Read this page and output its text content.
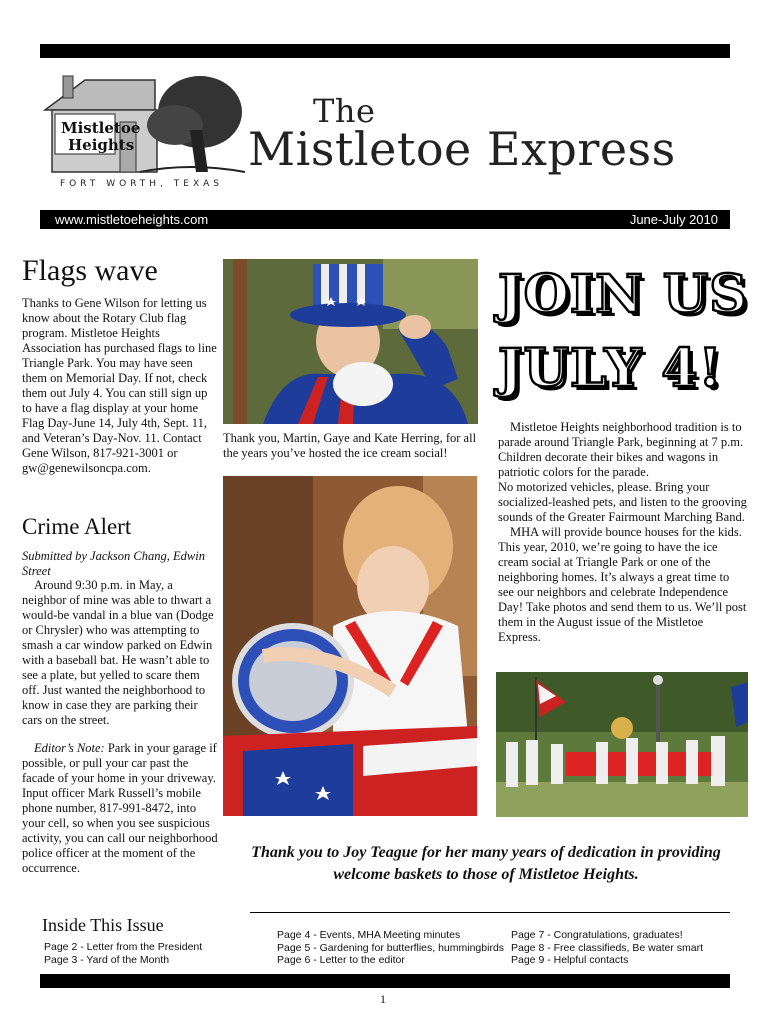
Mistletoe
Heights
FORT WORTH, TEXAS
The
Mistletoe Express
www.mistletoeheights.com	June-July 2010
Flags wave
Thanks to Gene Wilson for letting us know about the Rotary Club flag program. Mistletoe Heights Association has purchased flags to line Triangle Park. You may have seen them on Memorial Day. If not, check them out July 4. You can still sign up to have a flag display at your home Flag Day-June 14, July 4th, Sept. 11, and Veteran’s Day-Nov. 11. Contact Gene Wilson, 817-921-3001 or gw@genewilsoncpa.com.
Crime Alert
Submitted by Jackson Chang, Edwin Street
Around 9:30 p.m. in May, a neighbor of mine was able to thwart a would-be vandal in a blue van (Dodge or Chrysler) who was attempting to smash a car window parked on Edwin with a baseball bat. He wasn’t able to see a plate, but yelled to scare them off. Just wanted the neighborhood to know in case they are parking their cars on the street.
Editor’s Note: Park in your garage if possible, or pull your car past the facade of your home in your driveway. Input officer Mark Russell’s mobile phone number, 817-991-8472, into your cell, so when you see suspicious activity, you can call our neighborhood police officer at the moment of the occurrence.
Thank you, Martin, Gaye and Kate Herring, for all the years you’ve hosted the ice cream social!
JOIN US
JULY 4!

Mistletoe Heights neighborhood tradition is to parade around Triangle Park, beginning at 7 p.m. Children decorate their bikes and wagons in patriotic colors for the parade.

No motorized vehicles, please. Bring your socialized-leashed pets, and listen to the grooving sounds of the Greater Fairmount Marching Band.

MHA will provide bounce houses for the kids. This year, 2010, we’re going to have the ice cream social at Triangle Park or one of the neighboring homes. It’s always a great time to see our neighbors and celebrate Independence Day! Take photos and send them to us. We’ll post them in the August issue of the Mistletoe Express.

Thank you to Joy Teague for her many years of dedication in providing welcome baskets to those of Mistletoe Heights.
Inside This Issue
Page 2 - Letter from the President
Page 3 - Yard of the Month
Page 4 - Events, MHA Meeting minutes
Page 5 - Gardening for butterflies, hummingbirds
Page 6 - Letter to the editor
Page 7 - Congratulations, graduates!
Page 8 - Free classifieds, Be water smart
Page 9 - Helpful contacts
1
